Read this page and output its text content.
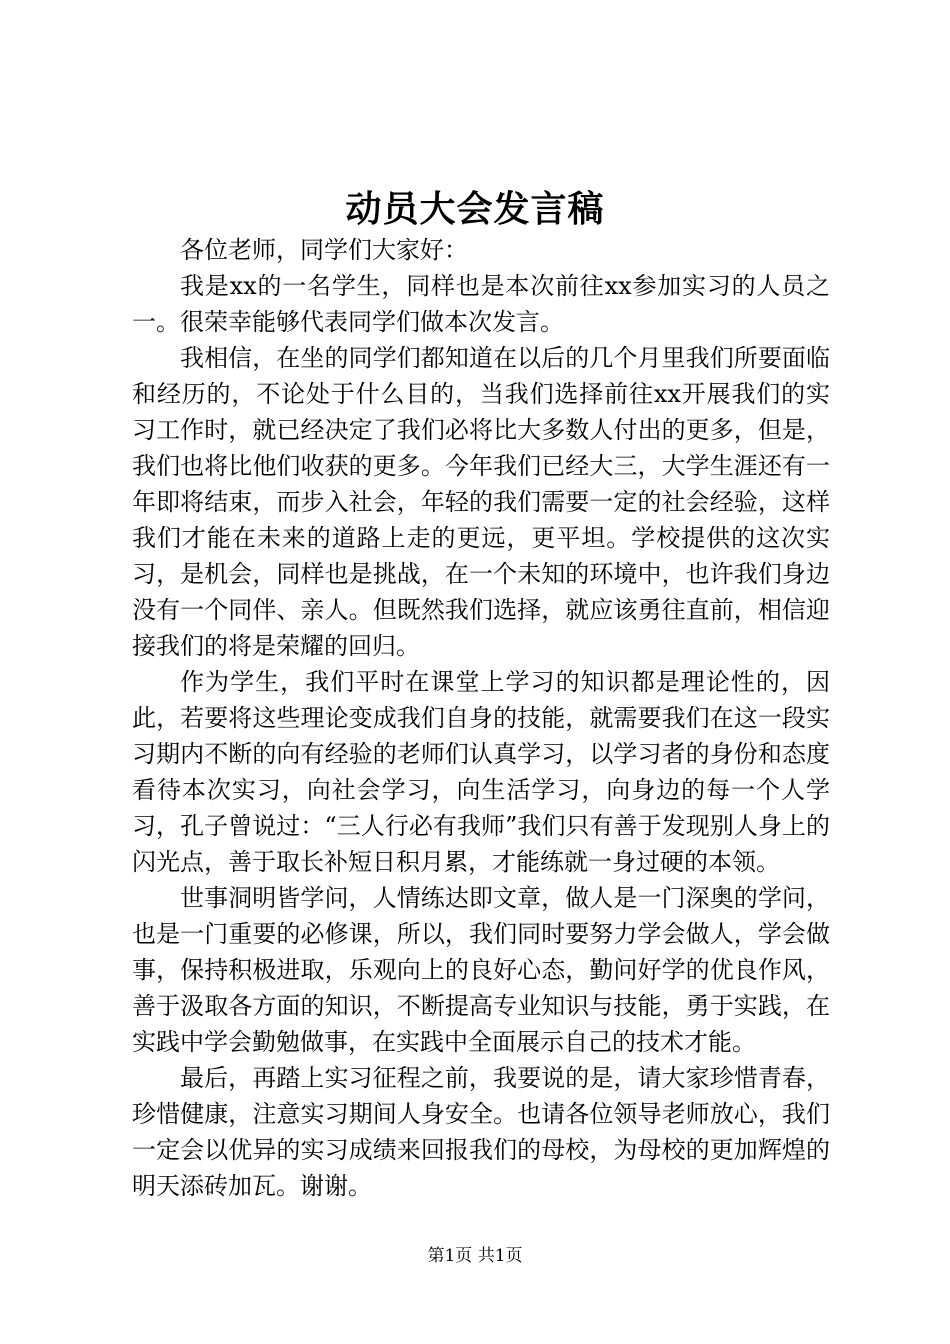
动员大会发言稿

各位老师，同学们大家好：

我是xx的一名学生，同样也是本次前往xx参加实习的人员之一。很荣幸能够代表同学们做本次发言。

我相信，在坐的同学们都知道在以后的几个月里我们所要面临和经历的，不论处于什么目的，当我们选择前往xx开展我们的实习工作时，就已经决定了我们必将比大多数人付出的更多，但是，我们也将比他们收获的更多。今年我们已经大三，大学生涯还有一年即将结束，而步入社会，年轻的我们需要一定的社会经验，这样我们才能在未来的道路上走的更远，更平坦。学校提供的这次实习，是机会，同样也是挑战，在一个未知的环境中，也许我们身边没有一个同伴、亲人。但既然我们选择，就应该勇往直前，相信迎接我们的将是荣耀的回归。

作为学生，我们平时在课堂上学习的知识都是理论性的，因此，若要将这些理论变成我们自身的技能，就需要我们在这一段实习期内不断的向有经验的老师们认真学习，以学习者的身份和态度看待本次实习，向社会学习，向生活学习，向身边的每一个人学习，孔子曾说过：“三人行必有我师”我们只有善于发现别人身上的闪光点，善于取长补短日积月累，才能练就一身过硬的本领。

世事洞明皆学问，人情练达即文章，做人是一门深奥的学问，也是一门重要的必修课，所以，我们同时要努力学会做人，学会做事，保持积极进取，乐观向上的良好心态，勤问好学的优良作风，善于汲取各方面的知识，不断提高专业知识与技能，勇于实践，在实践中学会勤勉做事，在实践中全面展示自己的技术才能。

最后，再踏上实习征程之前，我要说的是，请大家珍惜青春，珍惜健康，注意实习期间人身安全。也请各位领导老师放心，我们一定会以优异的实习成绩来回报我们的母校，为母校的更加辉煌的明天添砖加瓦。谢谢。

第1页 共1页
